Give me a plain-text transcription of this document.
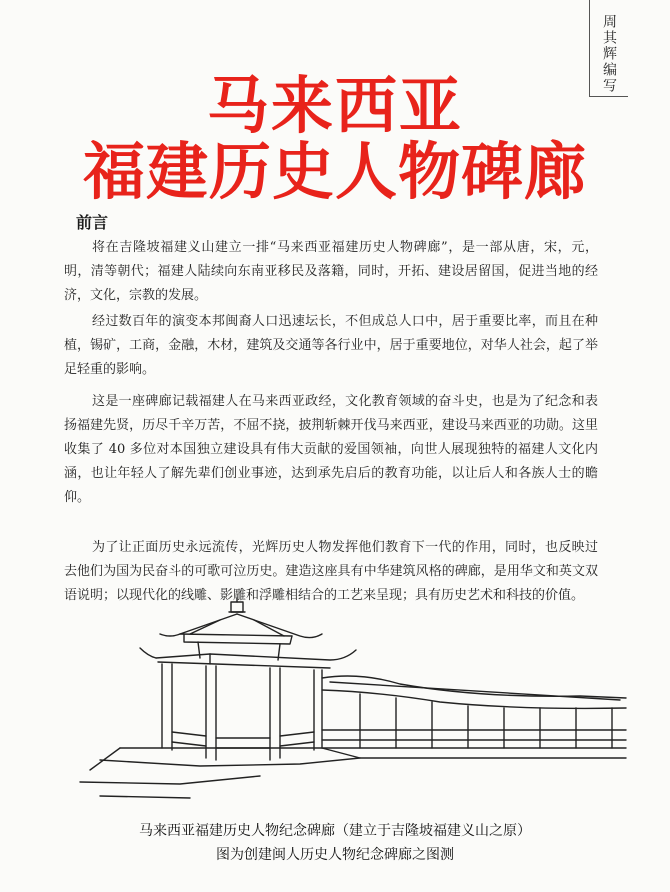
周其辉编写
马来西亚
福建历史人物碑廊
前言

将在吉隆坡福建义山建立一排“马来西亚福建历史人物碑廊”，是一部从唐，宋，元，明，清等朝代；福建人陆续向东南亚移民及落籍，同时，开拓、建设居留国，促进当地的经济，文化，宗教的发展。

经过数百年的演变本邦闽裔人口迅速坛长，不但成总人口中，居于重要比率，而且在种植，锡矿，工商，金融，木材，建筑及交通等各行业中，居于重要地位，对华人社会，起了举足轻重的影响。

这是一座碑廊记载福建人在马来西亚政经，文化教育领域的奋斗史，也是为了纪念和表扬福建先贤，历尽千辛万苦，不屈不挠，披荆斩棘开伐马来西亚，建设马来西亚的功勋。这里收集了 40 多位对本国独立建设具有伟大贡献的爱国领袖，向世人展现独特的福建人文化内涵，也让年轻人了解先辈们创业事迹，达到承先启后的教育功能，以让后人和各族人士的瞻仰。

为了让正面历史永远流传，光辉历史人物发挥他们教育下一代的作用，同时，也反映过去他们为国为民奋斗的可歌可泣历史。建造这座具有中华建筑风格的碑廊，是用华文和英文双语说明；以现代化的线雕、影雕和浮雕相结合的工艺来呈现；具有历史艺术和科技的价值。

马来西亚福建历史人物纪念碑廊（建立于吉隆坡福建义山之原）
图为创建闽人历史人物纪念碑廊之图测
